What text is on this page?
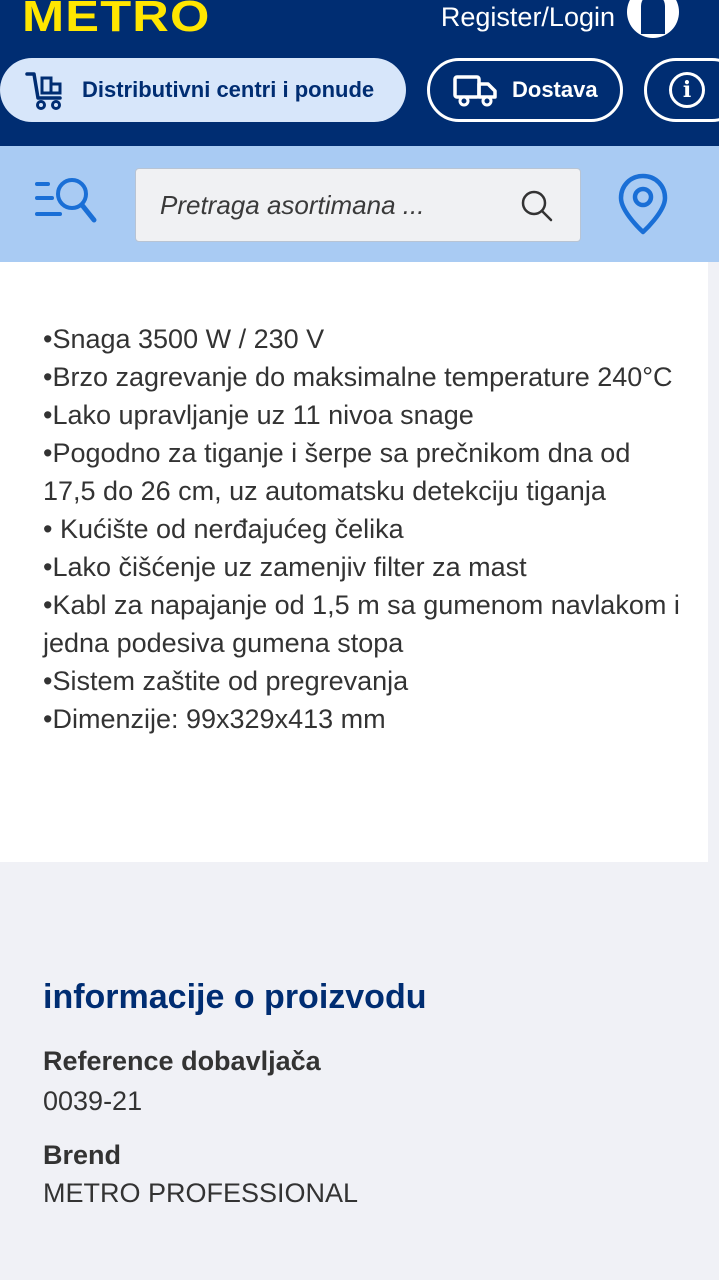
METRO	Register/Login
Distributivni centri i ponude	Dostava	i
Pretraga asortimana ...
•Snaga 3500 W / 230 V
•Brzo zagrevanje do maksimalne temperature 240°C
•Lako upravljanje uz 11 nivoa snage
•Pogodno za tiganje i šerpe sa prečnikom dna od 17,5 do 26 cm, uz automatsku detekciju tiganja
• Kućište od nerđajućeg čelika
•Lako čišćenje uz zamenjiv filter za mast
•Kabl za napajanje od 1,5 m sa gumenom navlakom i jedna podesiva gumena stopa
•Sistem zaštite od pregrevanja
•Dimenzije: 99x329x413 mm
informacije o proizvodu
Reference dobavljača
0039-21
Brend
METRO PROFESSIONAL
